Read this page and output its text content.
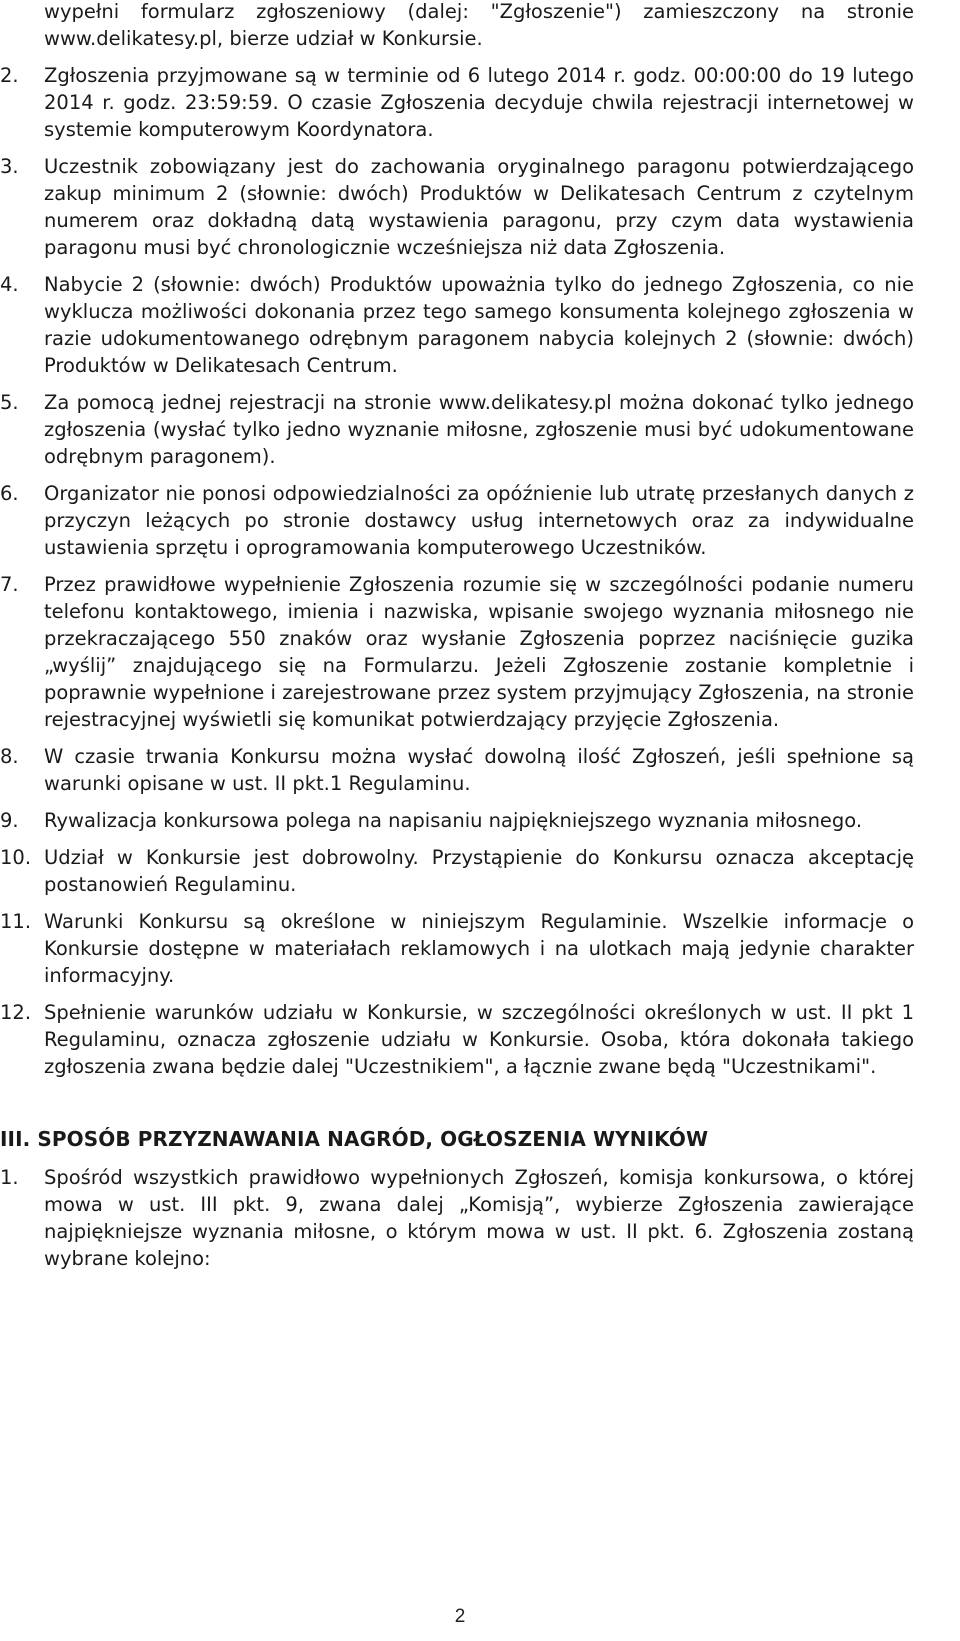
wypełni formularz zgłoszeniowy (dalej: "Zgłoszenie") zamieszczony na stronie www.delikatesy.pl, bierze udział w Konkursie.

2.	Zgłoszenia przyjmowane są w terminie od 6 lutego 2014 r. godz. 00:00:00 do 19 lutego 2014 r. godz. 23:59:59. O czasie Zgłoszenia decyduje chwila rejestracji internetowej w systemie komputerowym Koordynatora.

3.	Uczestnik zobowiązany jest do zachowania oryginalnego paragonu potwierdzającego zakup minimum 2 (słownie: dwóch) Produktów w Delikatesach Centrum z czytelnym numerem oraz dokładną datą wystawienia paragonu, przy czym data wystawienia paragonu musi być chronologicznie wcześniejsza niż data Zgłoszenia.

4.	Nabycie 2 (słownie: dwóch) Produktów upoważnia tylko do jednego Zgłoszenia, co nie wyklucza możliwości dokonania przez tego samego konsumenta kolejnego zgłoszenia w razie udokumentowanego odrębnym paragonem nabycia kolejnych 2 (słownie: dwóch) Produktów w Delikatesach Centrum.

5.	Za pomocą jednej rejestracji na stronie www.delikatesy.pl można dokonać tylko jednego zgłoszenia (wysłać tylko jedno wyznanie miłosne, zgłoszenie musi być udokumentowane odrębnym paragonem).

6.	Organizator nie ponosi odpowiedzialności za opóźnienie lub utratę przesłanych danych z przyczyn leżących po stronie dostawcy usług internetowych oraz za indywidualne ustawienia sprzętu i oprogramowania komputerowego Uczestników.

7.	Przez prawidłowe wypełnienie Zgłoszenia rozumie się w szczególności podanie numeru telefonu kontaktowego, imienia i nazwiska, wpisanie swojego wyznania miłosnego nie przekraczającego 550 znaków oraz wysłanie Zgłoszenia poprzez naciśnięcie guzika „wyślij” znajdującego się na Formularzu. Jeżeli Zgłoszenie zostanie kompletnie i poprawnie wypełnione i zarejestrowane przez system przyjmujący Zgłoszenia, na stronie rejestracyjnej wyświetli się komunikat potwierdzający przyjęcie Zgłoszenia.

8.	W czasie trwania Konkursu można wysłać dowolną ilość Zgłoszeń, jeśli spełnione są warunki opisane w ust. II pkt.1 Regulaminu.

9.	Rywalizacja konkursowa polega na napisaniu najpiękniejszego wyznania miłosnego.

10. Udział w Konkursie jest dobrowolny. Przystąpienie do Konkursu oznacza akceptację postanowień Regulaminu.

11. Warunki Konkursu są określone w niniejszym Regulaminie. Wszelkie informacje o Konkursie dostępne w materiałach reklamowych i na ulotkach mają jedynie charakter informacyjny.

12. Spełnienie warunków udziału w Konkursie, w szczególności określonych w ust. II pkt 1 Regulaminu, oznacza zgłoszenie udziału w Konkursie. Osoba, która dokonała takiego zgłoszenia zwana będzie dalej "Uczestnikiem", a łącznie zwane będą "Uczestnikami".

III. SPOSÓB PRZYZNAWANIA NAGRÓD, OGŁOSZENIA WYNIKÓW
1.	Spośród wszystkich prawidłowo wypełnionych Zgłoszeń, komisja konkursowa, o której mowa w ust. III pkt. 9, zwana dalej „Komisją”, wybierze Zgłoszenia zawierające najpiękniejsze wyznania miłosne, o którym mowa w ust. II pkt. 6. Zgłoszenia zostaną wybrane kolejno:

2
